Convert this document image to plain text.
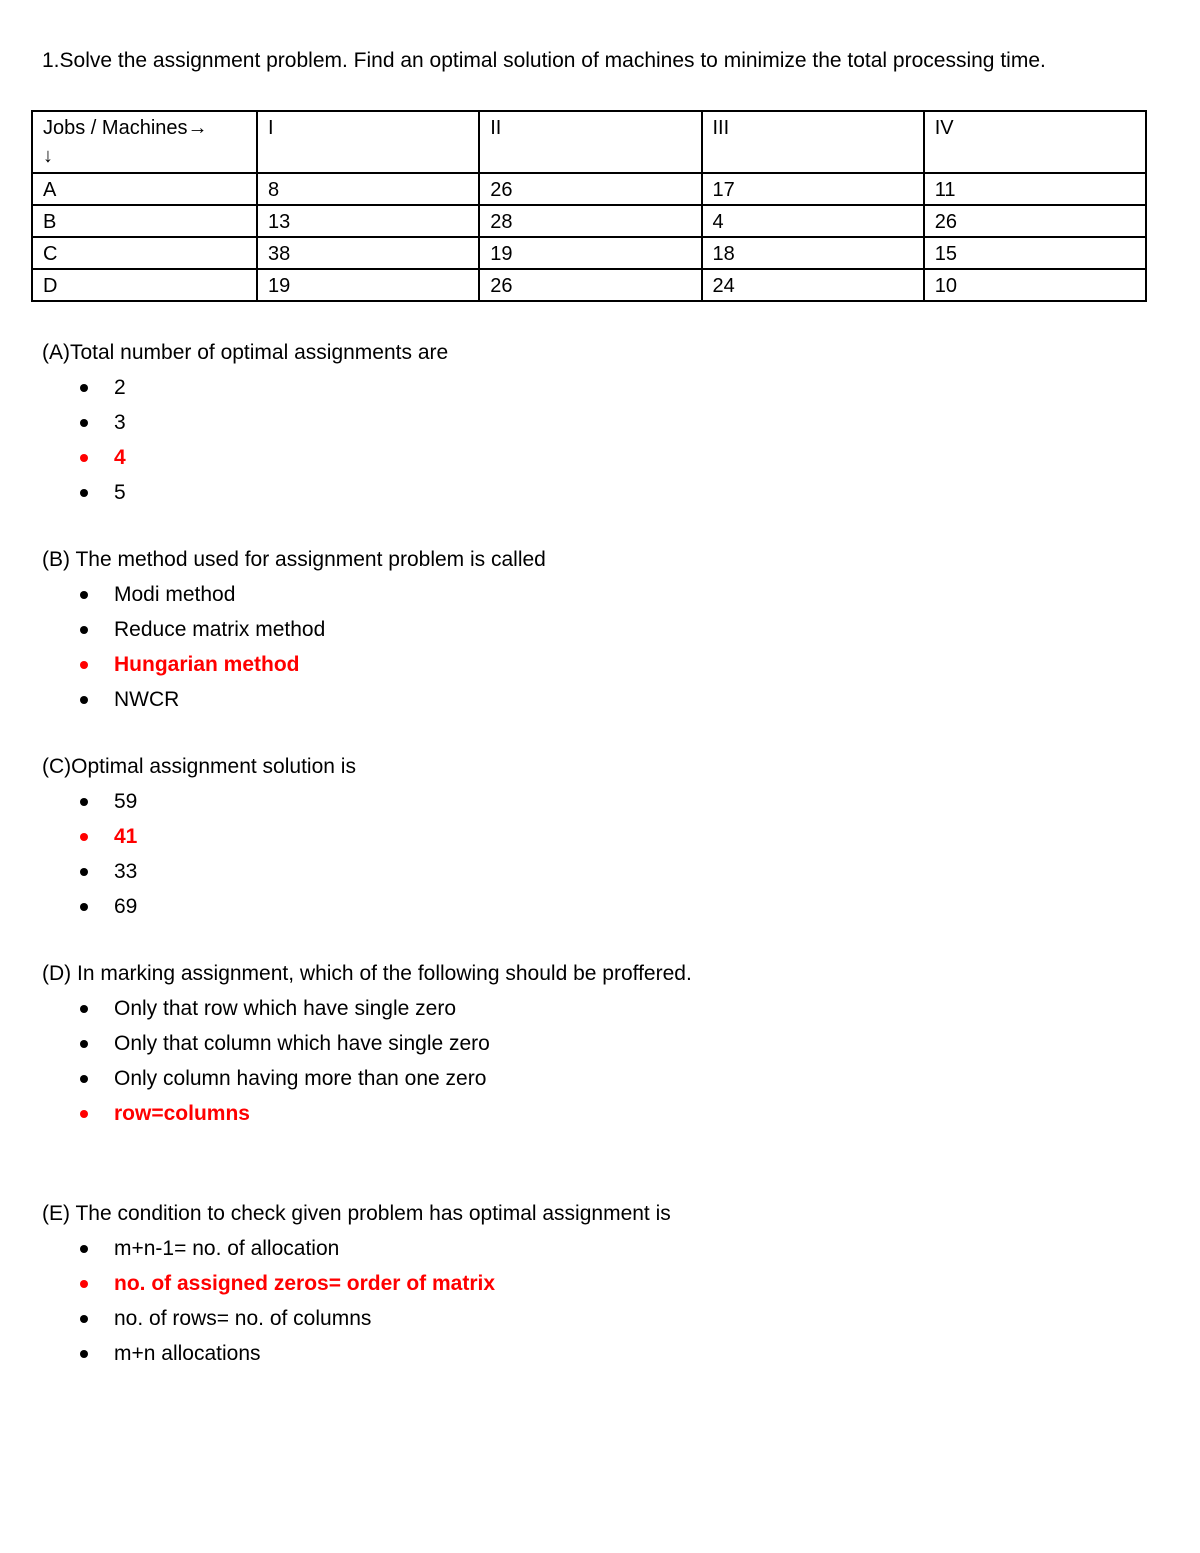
1.Solve the assignment problem. Find an optimal solution of machines to minimize the total processing time.

Jobs / Machines→
↓	I	II	III	IV
A	8	26	17	11
B	13	28	4	26
C	38	19	18	15
D	19	26	24	10

(A)Total number of optimal assignments are

2
3
4
5

(B) The method used for assignment problem is called

Modi method
Reduce matrix method
Hungarian method
NWCR

(C)Optimal assignment solution is

59
41
33
69

(D) In marking assignment, which of the following should be proffered.

Only that row which have single zero
Only that column which have single zero
Only column having more than one zero
row=columns

(E) The condition to check given problem has optimal assignment is

m+n-1= no. of allocation
no. of assigned zeros= order of matrix
no. of rows= no. of columns
m+n allocations
